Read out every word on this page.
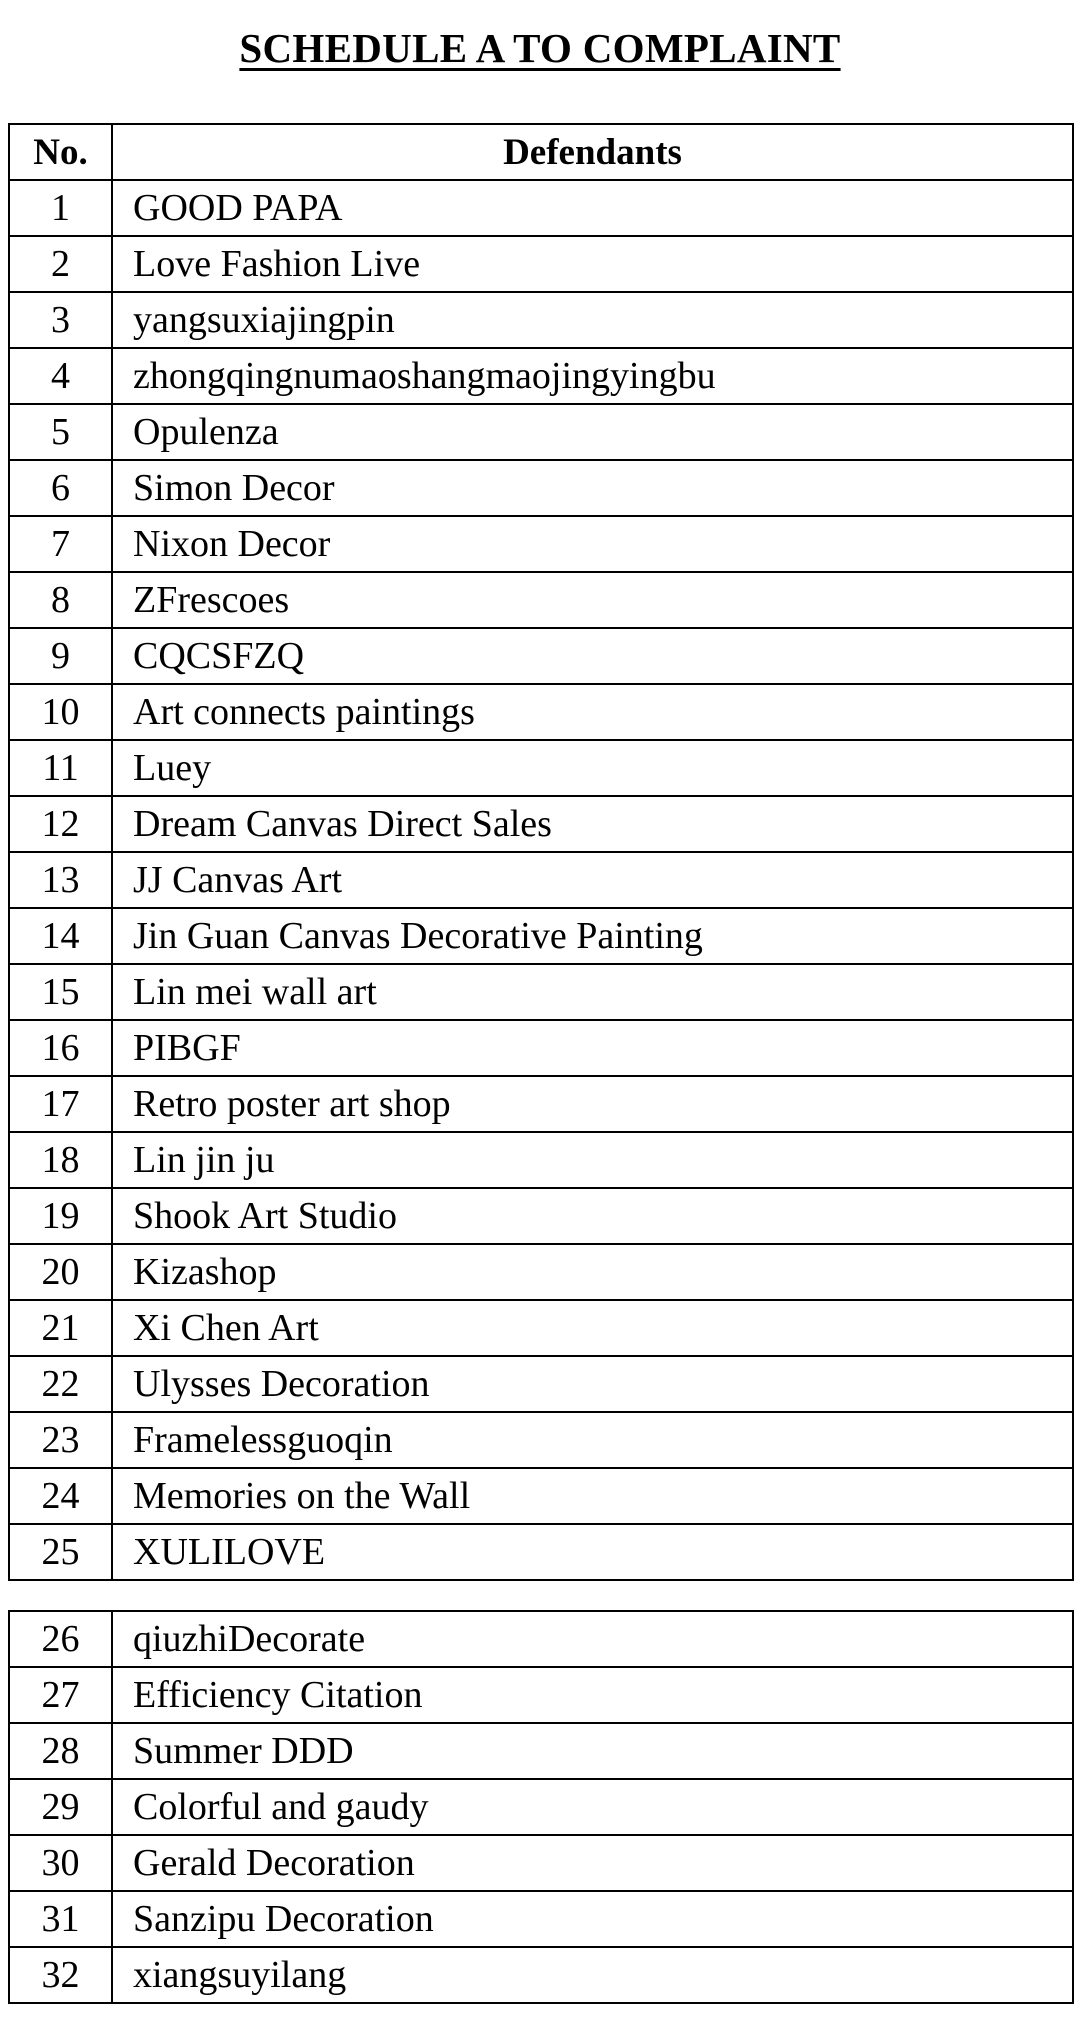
SCHEDULE A TO COMPLAINT
No.	Defendants
1	GOOD PAPA
2	Love Fashion Live
3	yangsuxiajingpin
4	zhongqingnumaoshangmaojingyingbu
5	Opulenza
6	Simon Decor
7	Nixon Decor
8	ZFrescoes
9	CQCSFZQ
10	Art connects paintings
11	Luey
12	Dream Canvas Direct Sales
13	JJ Canvas Art
14	Jin Guan Canvas Decorative Painting
15	Lin mei wall art
16	PIBGF
17	Retro poster art shop
18	Lin jin ju
19	Shook Art Studio
20	Kizashop
21	Xi Chen Art
22	Ulysses Decoration
23	Framelessguoqin
24	Memories on the Wall
25	XULILOVE
26	qiuzhiDecorate
27	Efficiency Citation
28	Summer DDD
29	Colorful and gaudy
30	Gerald Decoration
31	Sanzipu Decoration
32	xiangsuyilang
